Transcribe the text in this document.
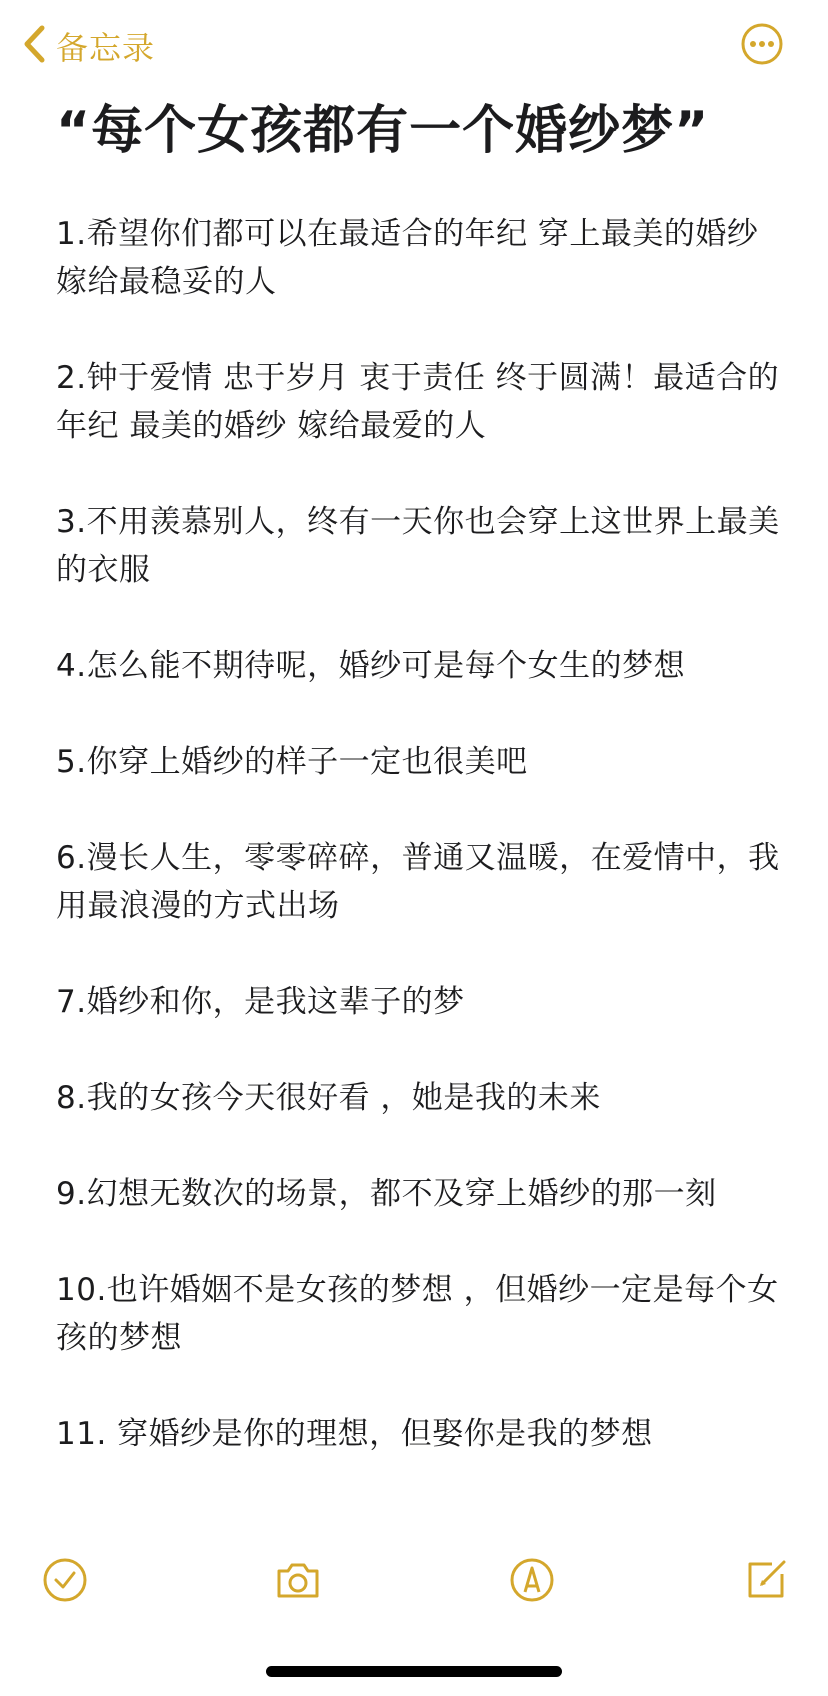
备忘录
“每个女孩都有一个婚纱梦”

1.希望你们都可以在最适合的年纪 穿上最美的婚纱 嫁给最稳妥的人

2.钟于爱情 忠于岁月 衷于责任 终于圆满！最适合的年纪 最美的婚纱 嫁给最爱的人

3.不用羡慕别人，终有一天你也会穿上这世界上最美的衣服

4.怎么能不期待呢，婚纱可是每个女生的梦想

5.你穿上婚纱的样子一定也很美吧

6.漫长人生，零零碎碎，普通又温暖，在爱情中，我用最浪漫的方式出场

7.婚纱和你，是我这辈子的梦

8.我的女孩今天很好看 ，她是我的未来

9.幻想无数次的场景，都不及穿上婚纱的那一刻

10.也许婚姻不是女孩的梦想 ，但婚纱一定是每个女孩的梦想

11. 穿婚纱是你的理想，但娶你是我的梦想
